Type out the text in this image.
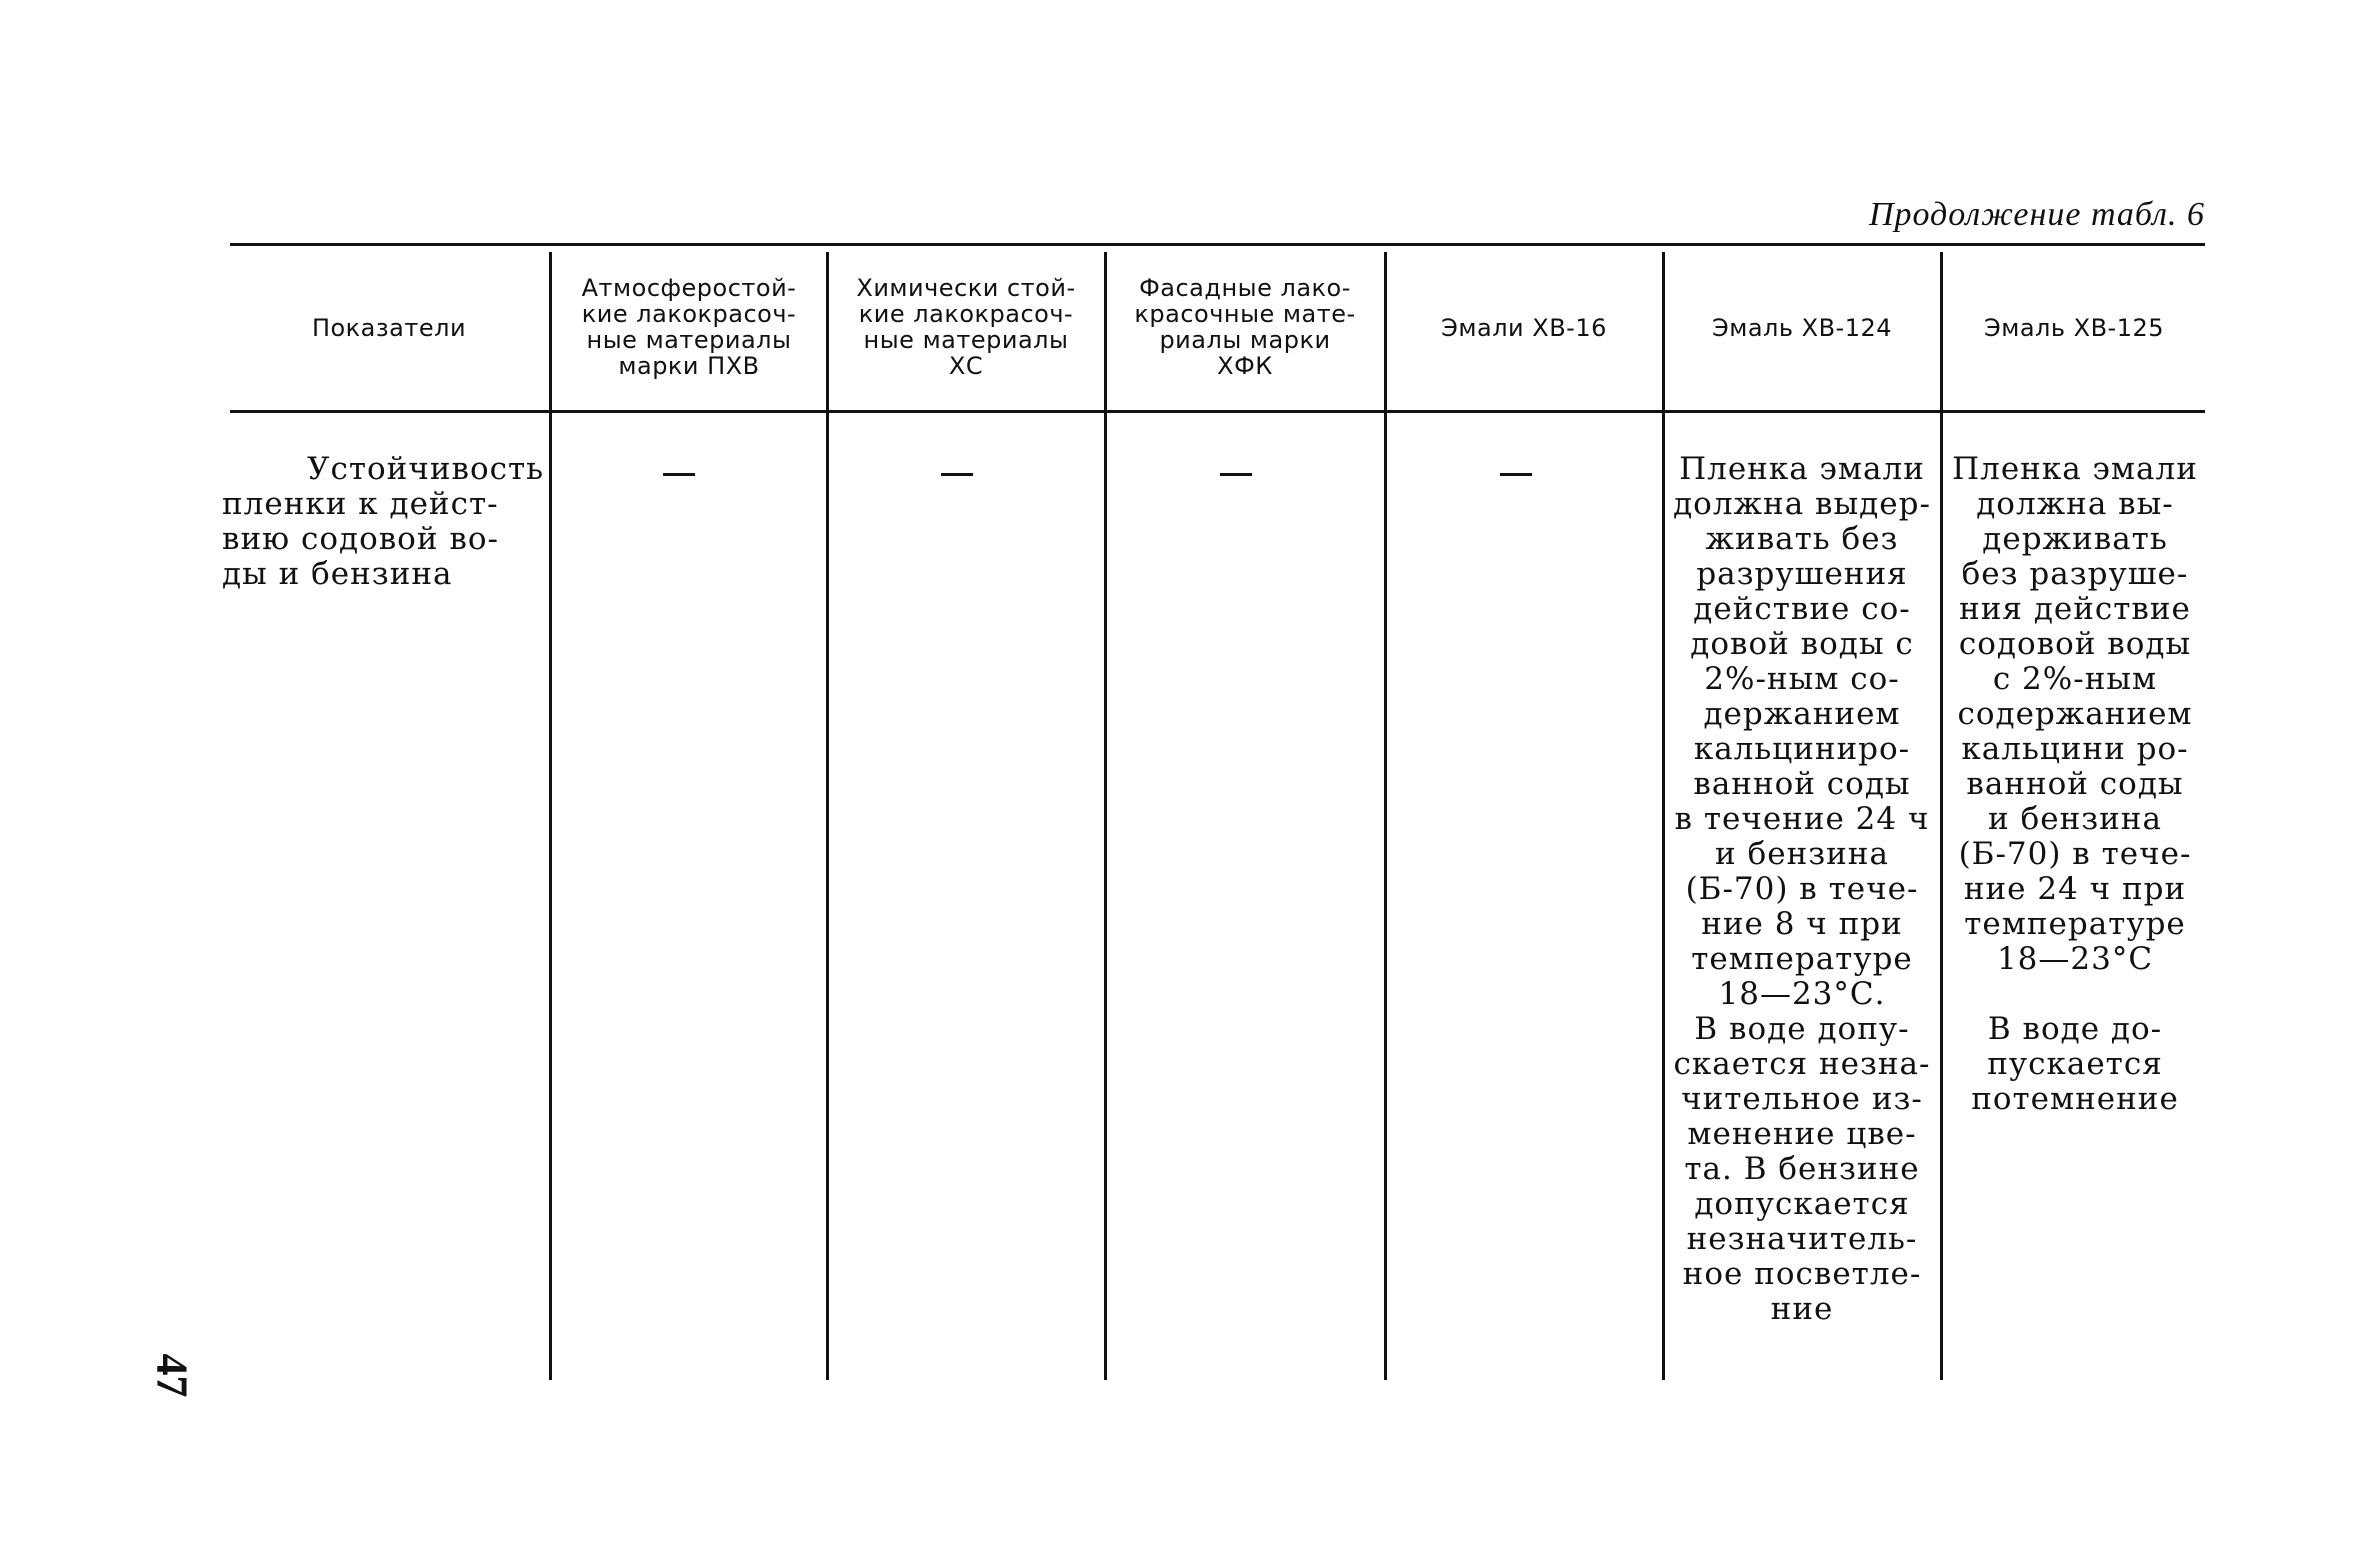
Продолжение табл. 6
Показатели
Атмосферостой-
кие лакокрасоч-
ные материалы
марки ПХВ
Химически стой-
кие лакокрасоч-
ные материалы
ХС
Фасадные лако-
красочные мате-
риалы марки
ХФК
Эмали ХВ-16	Эмаль ХВ-124	Эмаль ХВ-125

Устойчивость

пленки к дейст-

вию содовой во-

ды и бензина

Пленка эмали

должна выдер-

живать без

разрушения

действие со-

довой воды с

2%-ным со-

держанием

кальциниро-

ванной соды

в течение 24 ч

и бензина

(Б-70) в тече-

ние 8 ч при

температуре

18—23°С.

В воде допу-

скается незна-

чительное из-

менение цве-

та. В бензине

допускается

незначитель-

ное посветле-

ние

Пленка эмали

должна вы-

держивать

без разруше-

ния действие

содовой воды

с 2%-ным

содержанием

кальцини ро-

ванной соды

и бензина

(Б-70) в тече-

ние 24 ч при

температуре

18—23°С

В воде до-

пускается

потемнение

47
